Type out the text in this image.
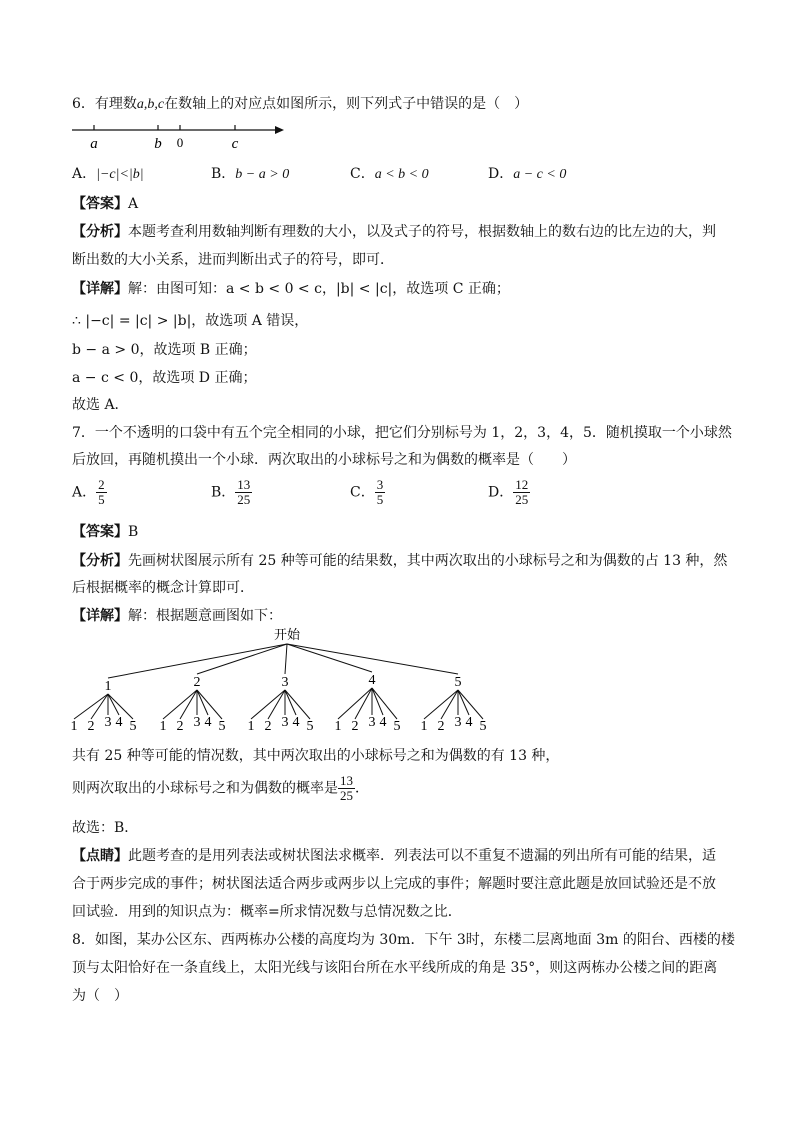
6．有理数a,b,c在数轴上的对应点如图所示，则下列式子中错误的是（　）
a	b 0	c
A．|−c|<|b|	B．b − a > 0	C．a < b < 0	D．a − c < 0
【答案】A
【分析】本题考查利用数轴判断有理数的大小，以及式子的符号，根据数轴上的数右边的比左边的大，判
断出数的大小关系，进而判断出式子的符号，即可．
【详解】解：由图可知：a < b < 0 < c，|b| < |c|，故选项 C 正确；
∴ |−c| = |c| > |b|，故选项 A 错误，
b − a > 0，故选项 B 正确；
a − c < 0，故选项 D 正确；
故选 A．
7．一个不透明的口袋中有五个完全相同的小球，把它们分别标号为 1，2，3，4，5．随机摸取一个小球然
后放回，再随机摸出一个小球．两次取出的小球标号之和为偶数的概率是（　　）
A． $\frac{2}{5}$	B． $\frac{13}{25}$	C． $\frac{3}{5}$	D． $\frac{12}{25}$
【答案】B
【分析】先画树状图展示所有 25 种等可能的结果数，其中两次取出的小球标号之和为偶数的占 13 种，然
后根据概率的概念计算即可．
【详解】解：根据题意画图如下：
开始
1
1 2 3 4 5
2
1 2 3 4 5
3
1 2 3 4 5
4
1 2 3 4 5
5
1 2 3 4 5
共有 25 种等可能的情况数，其中两次取出的小球标号之和为偶数的有 13 种，
则两次取出的小球标号之和为偶数的概率是 $\frac{13}{25}$ ．
故选：B．
【点睛】此题考查的是用列表法或树状图法求概率．列表法可以不重复不遗漏的列出所有可能的结果，适
合于两步完成的事件；树状图法适合两步或两步以上完成的事件；解题时要注意此题是放回试验还是不放
回试验．用到的知识点为：概率=所求情况数与总情况数之比．
8．如图，某办公区东、西两栋办公楼的高度均为 30m．下午 3时，东楼二层离地面 3m 的阳台、西楼的楼
顶与太阳恰好在一条直线上，太阳光线与该阳台所在水平线所成的角是 35°，则这两栋办公楼之间的距离
为（　）
